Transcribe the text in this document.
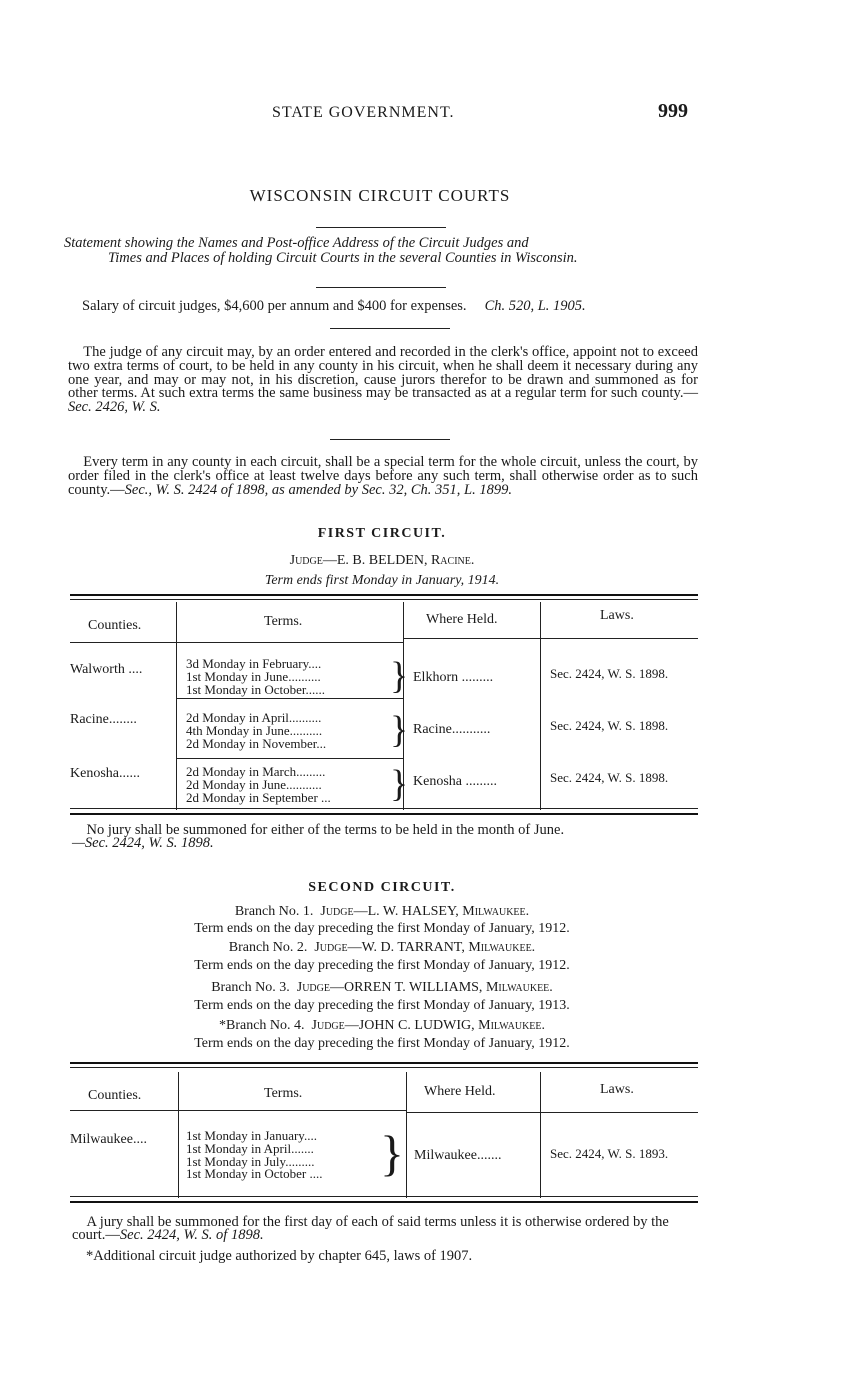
STATE GOVERNMENT.	999
WISCONSIN CIRCUIT COURTS
Statement showing the Names and Post-office Address of the Circuit Judges and
Times and Places of holding Circuit Courts in the several Counties in Wisconsin.
Salary of circuit judges, $4,600 per annum and $400 for expenses. Ch. 520, L. 1905.
The judge of any circuit may, by an order entered and recorded in the clerk's office, appoint not to exceed two extra terms of court, to be held in any county in his circuit, when he shall deem it necessary during any one year, and may or may not, in his discretion, cause jurors therefor to be drawn and summoned as for other terms. At such extra terms the same business may be transacted as at a regular term for such county.—Sec. 2426, W. S.
Every term in any county in each circuit, shall be a special term for the whole circuit, unless the court, by order filed in the clerk's office at least twelve days before any such term, shall otherwise order as to such county.—Sec., W. S. 2424 of 1898, as amended by Sec. 32, Ch. 351, L. 1899.
FIRST CIRCUIT.
Judge—E. B. BELDEN, Racine.
Term ends first Monday in January, 1914.
Counties.	Terms.	Where Held.	Laws.
Walworth ....	3d Monday in February....
1st Monday in June..........
1st Monday in October...... } Elkhorn .........	Sec. 2424, W. S. 1898.
Racine........	2d Monday in April..........
4th Monday in June..........
2d Monday in November... } Racine...........	Sec. 2424, W. S. 1898.
Kenosha......	2d Monday in March.........
2d Monday in June...........
2d Monday in September ... } Kenosha .........	Sec. 2424, W. S. 1898.
No jury shall be summoned for either of the terms to be held in the month of June.
—Sec. 2424, W. S. 1898.
SECOND CIRCUIT.
Branch No. 1. Judge—L. W. HALSEY, Milwaukee.
Term ends on the day preceding the first Monday of January, 1912.
Branch No. 2. Judge—W. D. TARRANT, Milwaukee.
Term ends on the day preceding the first Monday of January, 1912.
Branch No. 3. Judge—ORREN T. WILLIAMS, Milwaukee.
Term ends on the day preceding the first Monday of January, 1913.
*Branch No. 4. Judge—JOHN C. LUDWIG, Milwaukee.
Term ends on the day preceding the first Monday of January, 1912.
Counties.	Terms.	Where Held.	Laws.
Milwaukee....	1st Monday in January....
1st Monday in April.......
1st Monday in July.........
1st Monday in October .... } Milwaukee.......	Sec. 2424, W. S. 1893.
A jury shall be summoned for the first day of each of said terms unless it is otherwise ordered by the court.—Sec. 2424, W. S. of 1898.
*Additional circuit judge authorized by chapter 645, laws of 1907.
